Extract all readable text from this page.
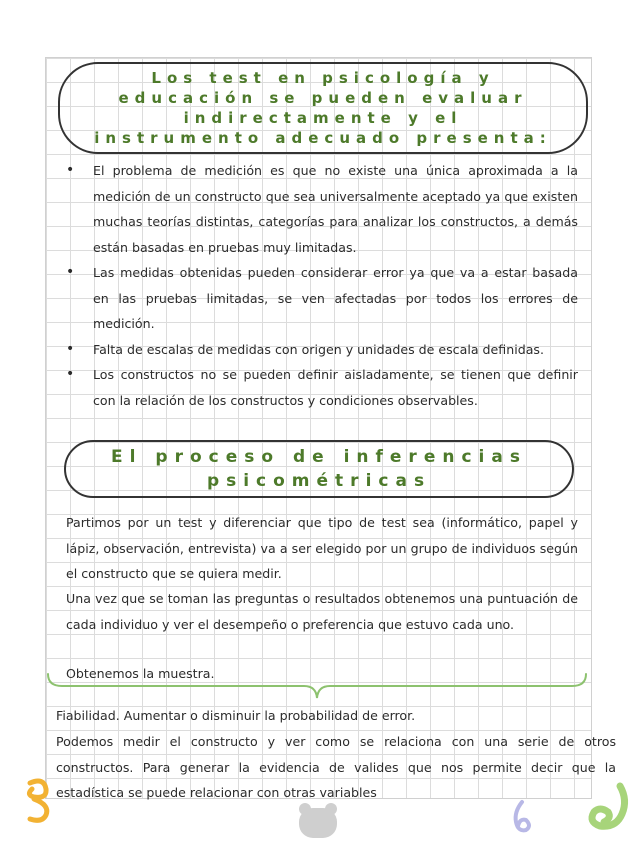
Los test en psicología y educación se pueden evaluar indirectamente y el instrumento adecuado presenta:
• El problema de medición es que no existe una única aproximada a la medición de un constructo que sea universalmente aceptado ya que existen muchas teorías distintas, categorías para analizar los constructos, a demás están basadas en pruebas muy limitadas.
• Las medidas obtenidas pueden considerar error ya que va a estar basada en las pruebas limitadas, se ven afectadas por todos los errores de medición.
• Falta de escalas de medidas con origen y unidades de escala definidas.
• Los constructos no se pueden definir aisladamente, se tienen que definir con la relación de los constructos y condiciones observables.
El proceso de inferencias psicométricas

Partimos por un test y diferenciar que tipo de test sea (informático, papel y lápiz, observación, entrevista) va a ser elegido por un grupo de individuos según el constructo que se quiera medir.

Una vez que se toman las preguntas o resultados obtenemos una puntuación de cada individuo y ver el desempeño o preferencia que estuvo cada uno.

Obtenemos la muestra.

Fiabilidad. Aumentar o disminuir la probabilidad de error.

Podemos medir el constructo y ver como se relaciona con una serie de otros constructos. Para generar la evidencia de valides que nos permite decir que la estadística se puede relacionar con otras variables
